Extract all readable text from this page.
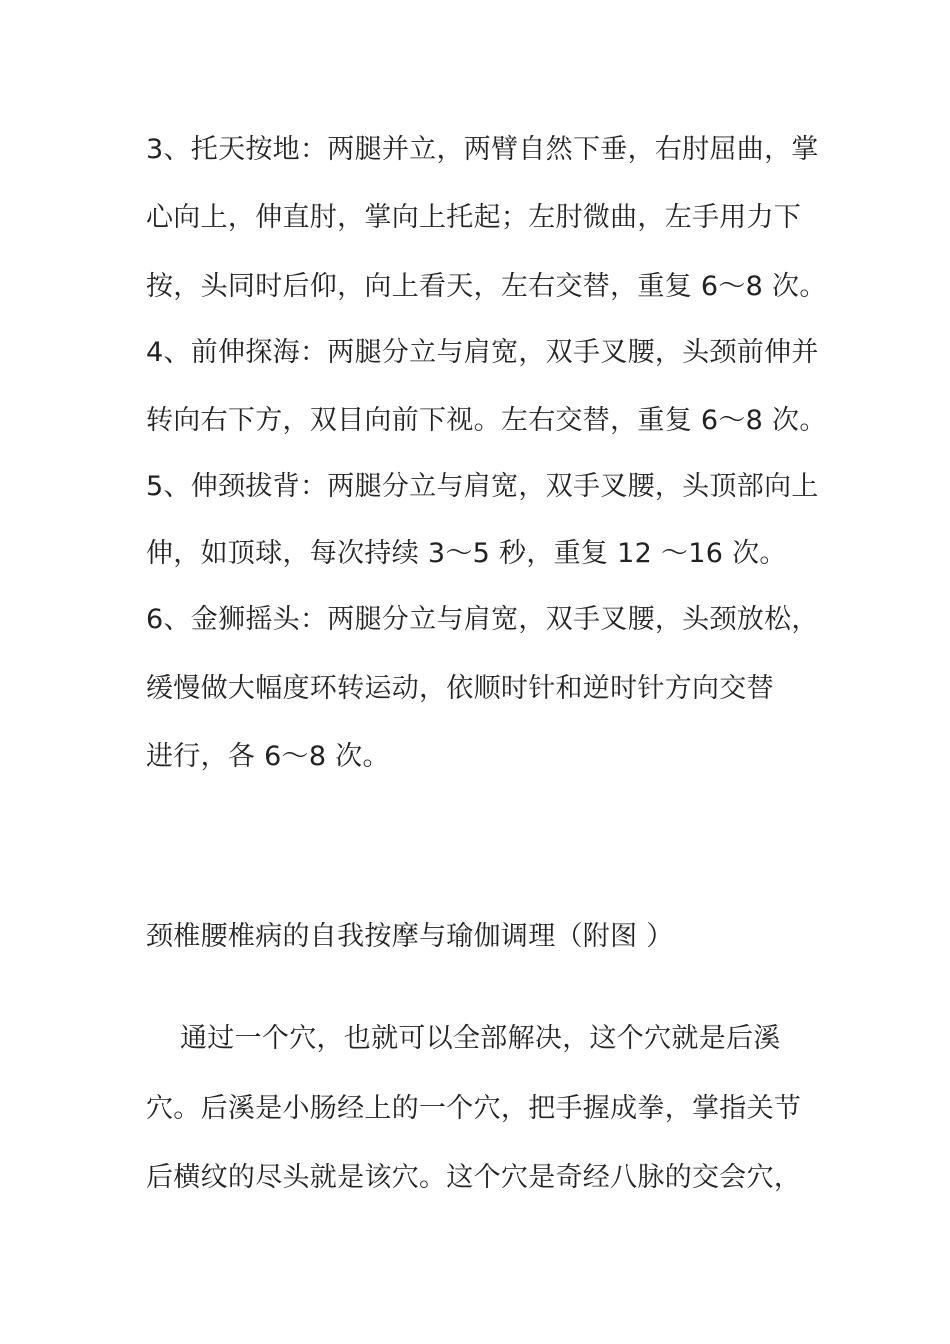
3、托天按地：两腿并立，两臂自然下垂，右肘屈曲，掌
心向上，伸直肘，掌向上托起；左肘微曲，左手用力下
按，头同时后仰，向上看天，左右交替，重复 6～8 次。
4、前伸探海：两腿分立与肩宽，双手叉腰，头颈前伸并
转向右下方，双目向前下视。左右交替，重复 6～8 次。
5、伸颈拔背：两腿分立与肩宽，双手叉腰，头顶部向上
伸，如顶球，每次持续 3～5 秒，重复 12 ～16 次。
6、金狮摇头：两腿分立与肩宽，双手叉腰，头颈放松，
缓慢做大幅度环转运动，依顺时针和逆时针方向交替
进行，各 6～8 次。
颈椎腰椎病的自我按摩与瑜伽调理（附图 ）
通过一个穴，也就可以全部解决，这个穴就是后溪
穴。后溪是小肠经上的一个穴，把手握成拳，掌指关节
后横纹的尽头就是该穴。这个穴是奇经八脉的交会穴，
